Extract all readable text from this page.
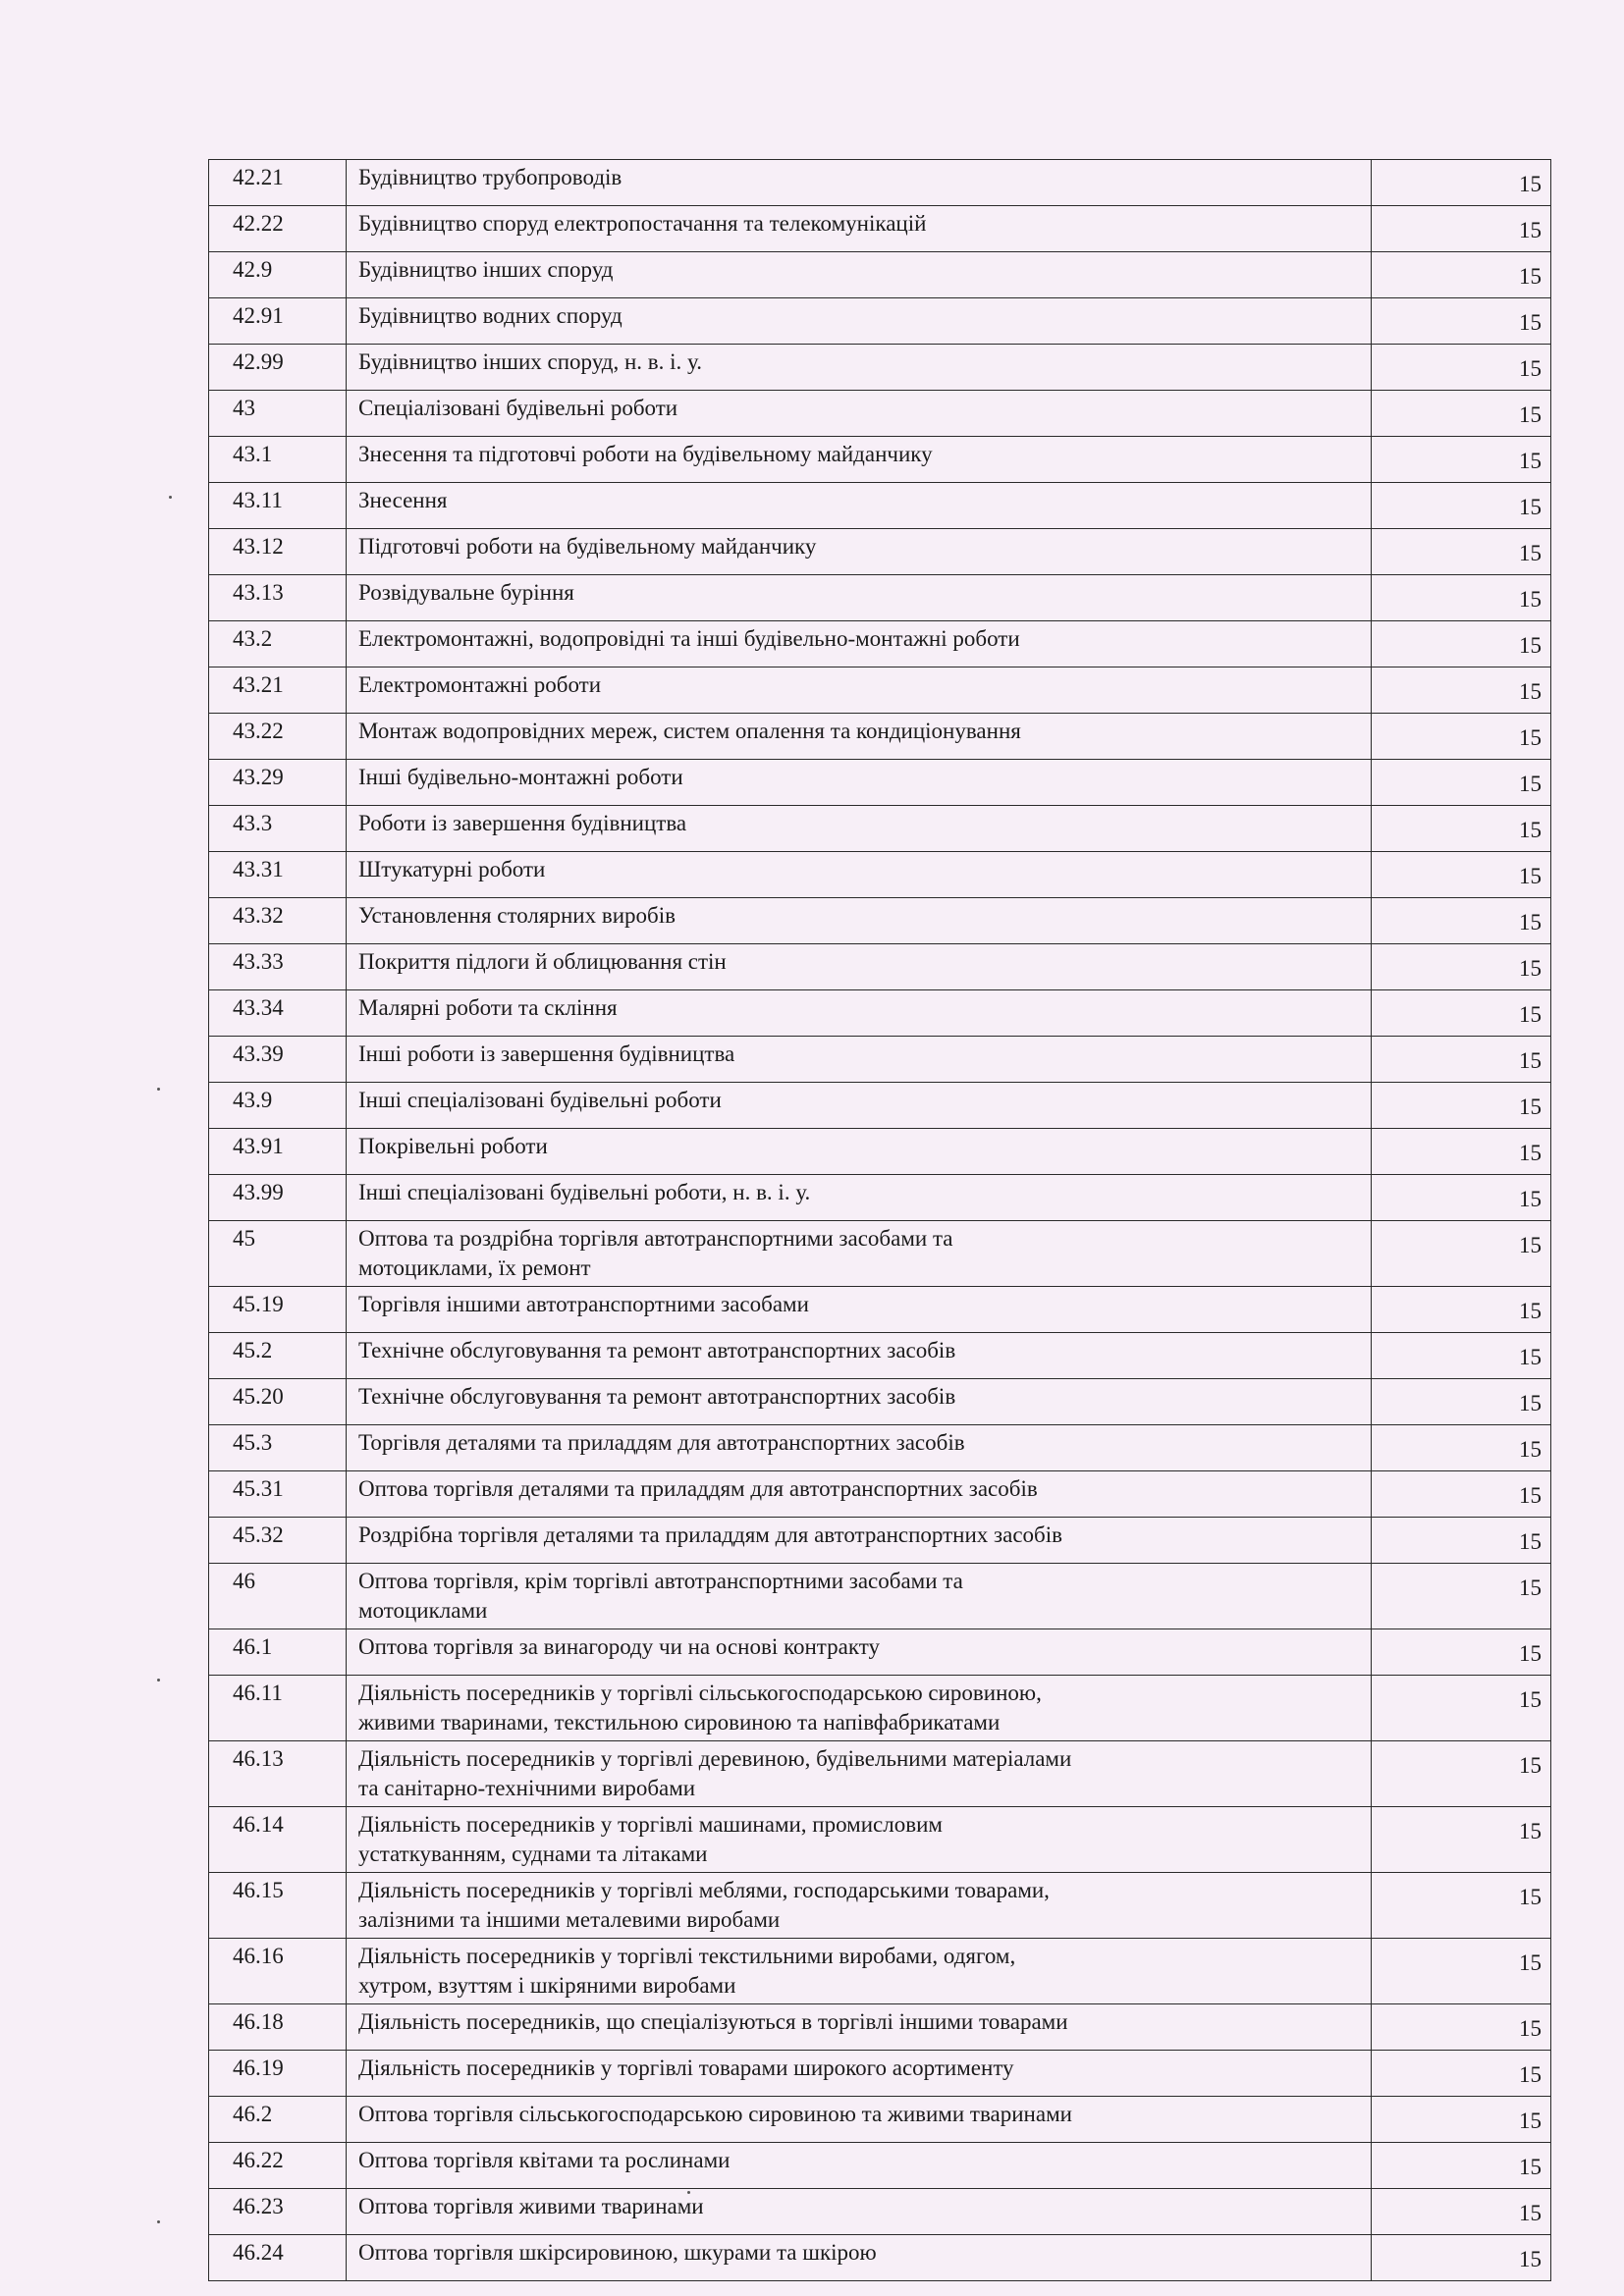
42.21	Будівництво трубопроводів	15
42.22	Будівництво споруд електропостачання та телекомунікацій	15
42.9	Будівництво інших споруд	15
42.91	Будівництво водних споруд	15
42.99	Будівництво інших споруд, н. в. і. у.	15
43	Спеціалізовані будівельні роботи	15
43.1	Знесення та підготовчі роботи на будівельному майданчику	15
43.11	Знесення	15
43.12	Підготовчі роботи на будівельному майданчику	15
43.13	Розвідувальне буріння	15
43.2	Електромонтажні, водопровідні та інші будівельно-монтажні роботи	15
43.21	Електромонтажні роботи	15
43.22	Монтаж водопровідних мереж, систем опалення та кондиціонування	15
43.29	Інші будівельно-монтажні роботи	15
43.3	Роботи із завершення будівництва	15
43.31	Штукатурні роботи	15
43.32	Установлення столярних виробів	15
43.33	Покриття підлоги й облицювання стін	15
43.34	Малярні роботи та скління	15
43.39	Інші роботи із завершення будівництва	15
43.9	Інші спеціалізовані будівельні роботи	15
43.91	Покрівельні роботи	15
43.99	Інші спеціалізовані будівельні роботи, н. в. і. у.	15
45	Оптова та роздрібна торгівля автотранспортними засобами та
мотоциклами, їх ремонт	15
45.19	Торгівля іншими автотранспортними засобами	15
45.2	Технічне обслуговування та ремонт автотранспортних засобів	15
45.20	Технічне обслуговування та ремонт автотранспортних засобів	15
45.3	Торгівля деталями та приладдям для автотранспортних засобів	15
45.31	Оптова торгівля деталями та приладдям для автотранспортних засобів	15
45.32	Роздрібна торгівля деталями та приладдям для автотранспортних засобів	15
46	Оптова торгівля, крім торгівлі автотранспортними засобами та
мотоциклами	15
46.1	Оптова торгівля за винагороду чи на основі контракту	15
46.11	Діяльність посередників у торгівлі сільськогосподарською сировиною,
живими тваринами, текстильною сировиною та напівфабрикатами	15
46.13	Діяльність посередників у торгівлі деревиною, будівельними матеріалами
та санітарно-технічними виробами	15
46.14	Діяльність посередників у торгівлі машинами, промисловим
устаткуванням, суднами та літаками	15
46.15	Діяльність посередників у торгівлі меблями, господарськими товарами,
залізними та іншими металевими виробами	15
46.16	Діяльність посередників у торгівлі текстильними виробами, одягом,
хутром, взуттям і шкіряними виробами	15
46.18	Діяльність посередників, що спеціалізуються в торгівлі іншими товарами	15
46.19	Діяльність посередників у торгівлі товарами широкого асортименту	15
46.2	Оптова торгівля сільськогосподарською сировиною та живими тваринами	15
46.22	Оптова торгівля квітами та рослинами	15
46.23	Оптова торгівля живими тваринами	15
46.24	Оптова торгівля шкірсировиною, шкурами та шкірою	15
